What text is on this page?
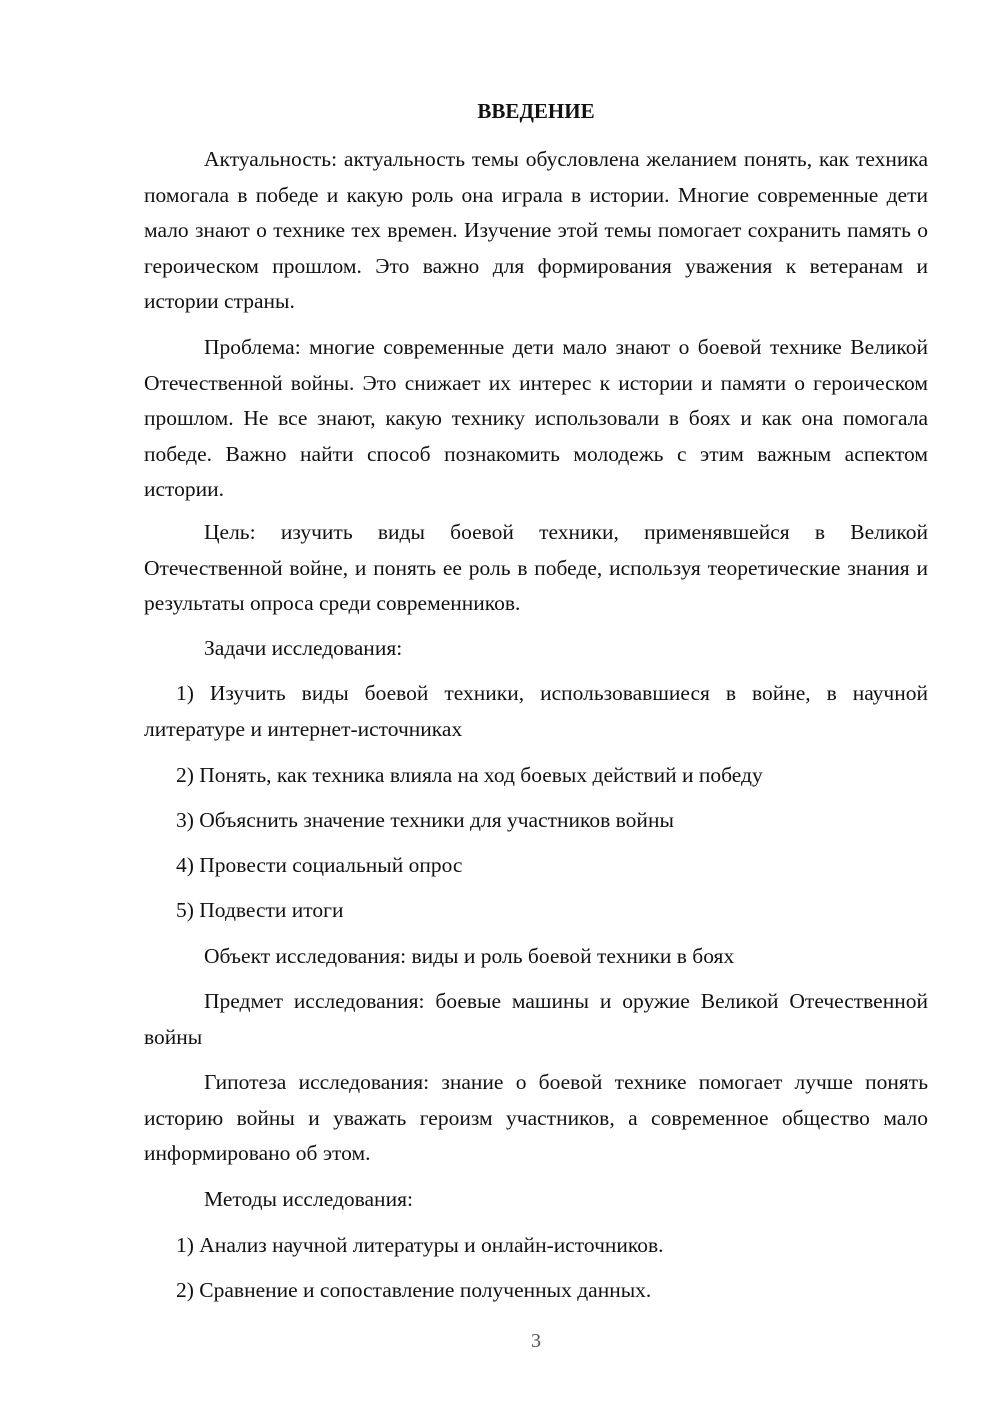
ВВЕДЕНИЕ

Актуальность: актуальность темы обусловлена желанием понять, как техника помогала в победе и какую роль она играла в истории. Многие современные дети мало знают о технике тех времен. Изучение этой темы помогает сохранить память о героическом прошлом. Это важно для формирования уважения к ветеранам и истории страны.

Проблема: многие современные дети мало знают о боевой технике Великой Отечественной войны. Это снижает их интерес к истории и памяти о героическом прошлом. Не все знают, какую технику использовали в боях и как она помогала победе. Важно найти способ познакомить молодежь с этим важным аспектом истории.

Цель: изучить виды боевой техники, применявшейся в Великой Отечественной войне, и понять ее роль в победе, используя теоретические знания и результаты опроса среди современников.

Задачи исследования:

1) Изучить виды боевой техники, использовавшиеся в войне, в научной литературе и интернет-источниках

2) Понять, как техника влияла на ход боевых действий и победу

3) Объяснить значение техники для участников войны

4) Провести социальный опрос

5) Подвести итоги

Объект исследования: виды и роль боевой техники в боях

Предмет исследования: боевые машины и оружие Великой Отечественной войны

Гипотеза исследования: знание о боевой технике помогает лучше понять историю войны и уважать героизм участников, а современное общество мало информировано об этом.

Методы исследования:

1) Анализ научной литературы и онлайн-источников.

2) Сравнение и сопоставление полученных данных.

3
